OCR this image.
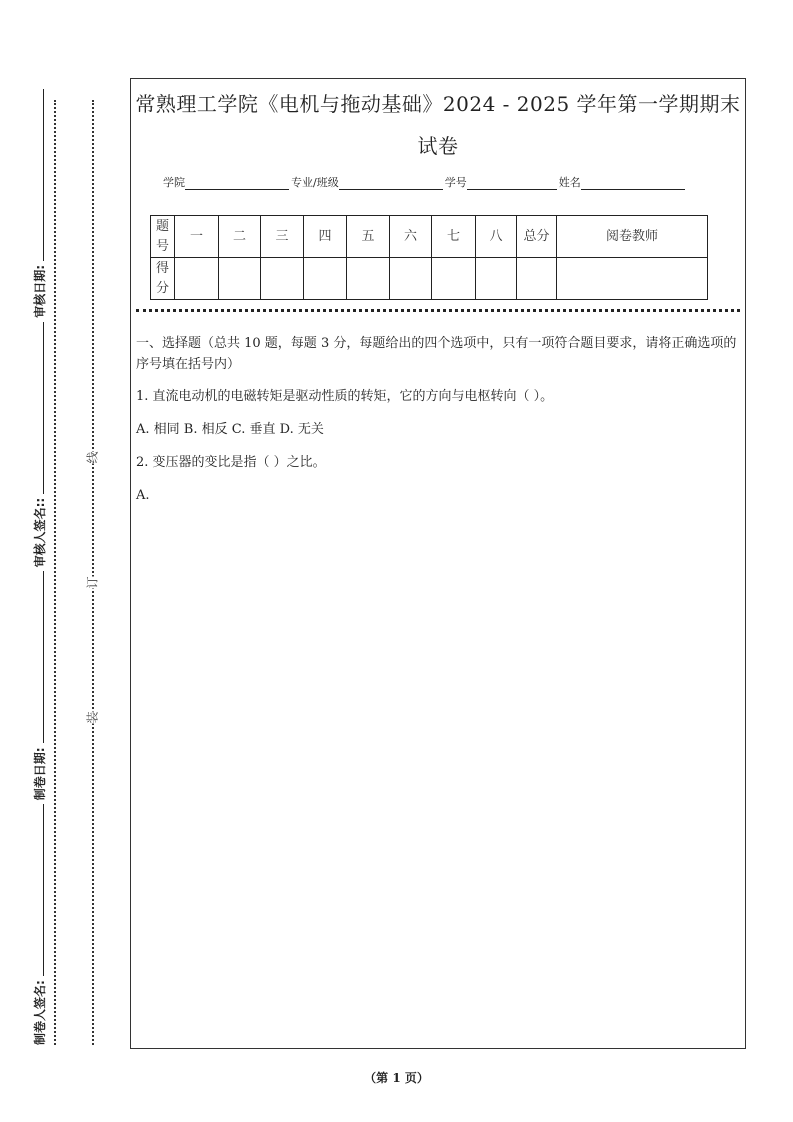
线
订
装
制卷人签名:
制卷日期:
审核人签名::
审核日期:
常熟理工学院《电机与拖动基础》2024 - 2025 学年第一学期期末
试卷
学院	专业/班级	学号	姓名
题号	一	二	三	四	五	六	七	八	总分	阅卷教师
得分										
一、选择题（总共 10 题，每题 3 分，每题给出的四个选项中，只有一项符合题目要求，请将正确选项的序号填在括号内）
1. 直流电动机的电磁转矩是驱动性质的转矩，它的方向与电枢转向（ ）。
A. 相同 B. 相反 C. 垂直 D. 无关
2. 变压器的变比是指（ ）之比。
A.
（第 1 页）
